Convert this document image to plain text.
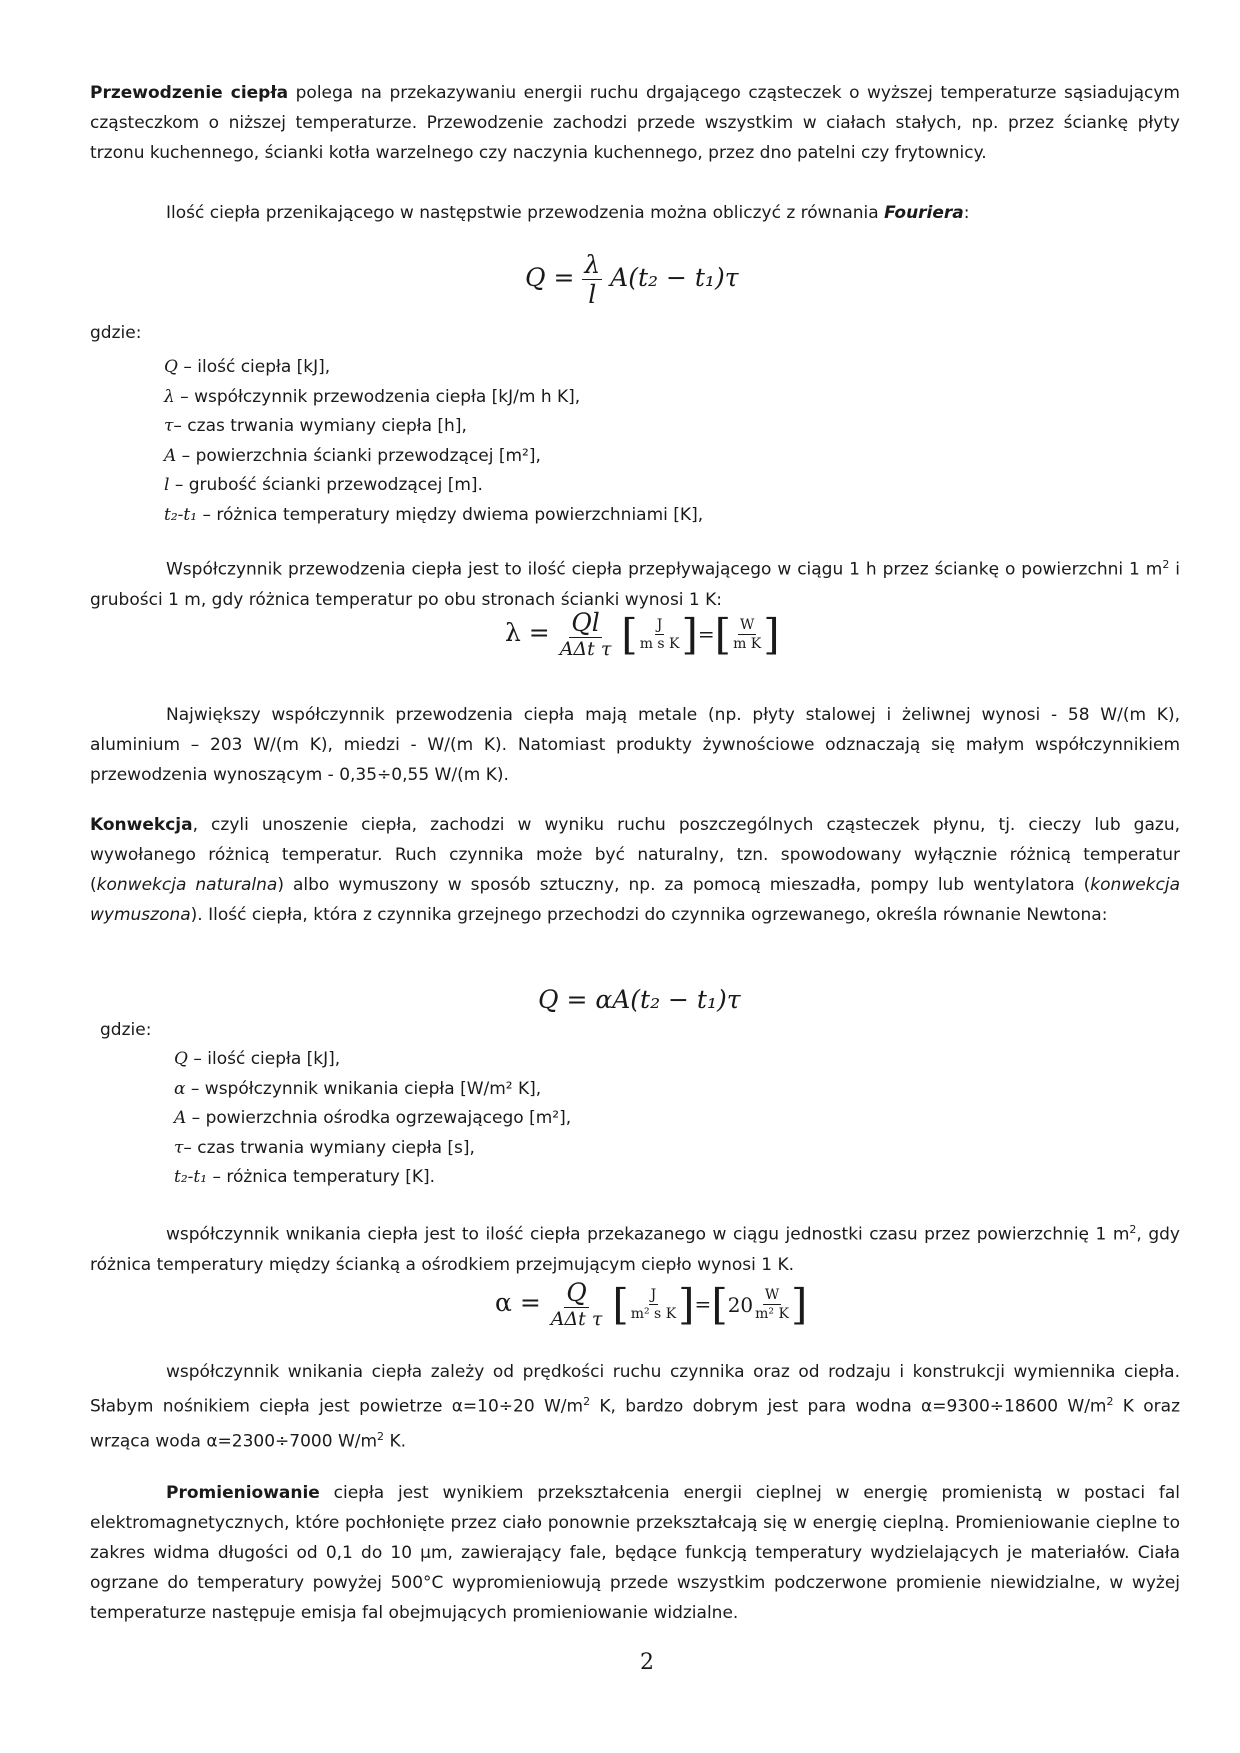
Przewodzenie ciepła polega na przekazywaniu energii ruchu drgającego cząsteczek o wyższej temperaturze sąsiadującym cząsteczkom o niższej temperaturze. Przewodzenie zachodzi przede wszystkim w ciałach stałych, np. przez ściankę płyty trzonu kuchennego, ścianki kotła warzelnego czy naczynia kuchennego, przez dno patelni czy frytownicy.

Ilość ciepła przenikającego w następstwie przewodzenia można obliczyć z równania Fouriera:

$Q = \frac{\lambda}{l} A(t_2 - t_1)\tau$
gdzie:
Q – ilość ciepła [kJ],
λ – współczynnik przewodzenia ciepła [kJ/m h K],
τ– czas trwania wymiany ciepła [h],
A – powierzchnia ścianki przewodzącej [m²],
l – grubość ścianki przewodzącej [m].
t₂-t₁ – różnica temperatury między dwiema powierzchniami [K],

Współczynnik przewodzenia ciepła jest to ilość ciepła przepływającego w ciągu 1 h przez ściankę o powierzchni 1 $m^2$ i grubości 1 m, gdy różnica temperatur po obu stronach ścianki wynosi 1 K:

$\lambda = \frac{Ql}{\text{AΔt τ}}$
[ $\frac{J}{\text{m s K}}$ ] = [ $\frac{W}{\text{m K}}$ ]

Największy współczynnik przewodzenia ciepła mają metale (np. płyty stalowej i żeliwnej wynosi - 58 W/(m K), aluminium – 203 W/(m K), miedzi - W/(m K). Natomiast produkty żywnościowe odznaczają się małym współczynnikiem przewodzenia wynoszącym - 0,35÷0,55 W/(m K).

Konwekcja, czyli unoszenie ciepła, zachodzi w wyniku ruchu poszczególnych cząsteczek płynu, tj. cieczy lub gazu, wywołanego różnicą temperatur. Ruch czynnika może być naturalny, tzn. spowodowany wyłącznie różnicą temperatur (konwekcja naturalna) albo wymuszony w sposób sztuczny, np. za pomocą mieszadła, pompy lub wentylatora (konwekcja wymuszona). Ilość ciepła, która z czynnika grzejnego przechodzi do czynnika ogrzewanego, określa równanie Newtona:

Q = αA(t₂ − t₁)τ
gdzie:
Q – ilość ciepła [kJ],
α – współczynnik wnikania ciepła [W/m² K],
A – powierzchnia ośrodka ogrzewającego [m²],
τ– czas trwania wymiany ciepła [s],
t₂-t₁ – różnica temperatury [K].

współczynnik wnikania ciepła jest to ilość ciepła przekazanego w ciągu jednostki czasu przez powierzchnię 1 $m^2$, gdy różnica temperatury między ścianką a ośrodkiem przejmującym ciepło wynosi 1 K.

$\alpha = \frac{Q}{\text{AΔt τ}}$
[ $\frac{J}{\text{m² s K}}$ ] = [ $20 \frac{W}{\text{m² K}}$ ]

współczynnik wnikania ciepła zależy od prędkości ruchu czynnika oraz od rodzaju i konstrukcji wymiennika ciepła. Słabym nośnikiem ciepła jest powietrze α=10÷20 $W/m^2$ K, bardzo dobrym jest para wodna α=9300÷18600 $W/m^2$ K oraz wrząca woda α=2300÷7000 $W/m^2$ K.

Promieniowanie ciepła jest wynikiem przekształcenia energii cieplnej w energię promienistą w postaci fal elektromagnetycznych, które pochłonięte przez ciało ponownie przekształcają się w energię cieplną. Promieniowanie cieplne to zakres widma długości od 0,1 do 10 µm, zawierający fale, będące funkcją temperatury wydzielających je materiałów. Ciała ogrzane do temperatury powyżej 500°C wypromieniowują przede wszystkim podczerwone promienie niewidzialne, w wyżej temperaturze następuje emisja fal obejmujących promieniowanie widzialne.

2
